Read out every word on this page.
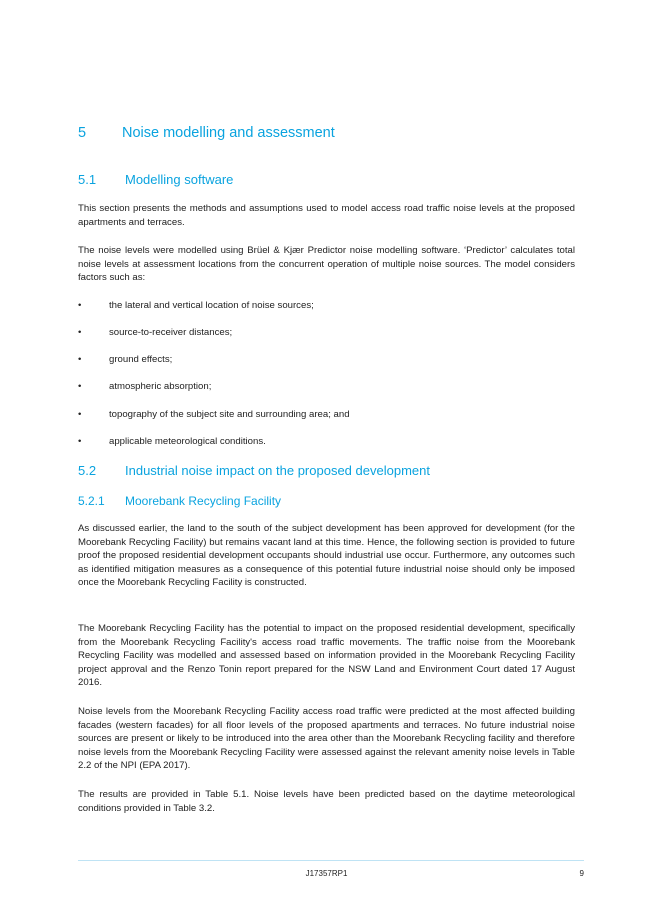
5 Noise modelling and assessment
5.1 Modelling software

This section presents the methods and assumptions used to model access road traffic noise levels at the proposed apartments and terraces.

The noise levels were modelled using Brüel & Kjær Predictor noise modelling software. ‘Predictor’ calculates total noise levels at assessment locations from the concurrent operation of multiple noise sources. The model considers factors such as:

•	the lateral and vertical location of noise sources;
•	source-to-receiver distances;
•	ground effects;
•	atmospheric absorption;
•	topography of the subject site and surrounding area; and
•	applicable meteorological conditions.
5.2 Industrial noise impact on the proposed development
5.2.1 Moorebank Recycling Facility

As discussed earlier, the land to the south of the subject development has been approved for development (for the Moorebank Recycling Facility) but remains vacant land at this time. Hence, the following section is provided to future proof the proposed residential development occupants should industrial use occur. Furthermore, any outcomes such as identified mitigation measures as a consequence of this potential future industrial noise should only be imposed once the Moorebank Recycling Facility is constructed.

The Moorebank Recycling Facility has the potential to impact on the proposed residential development, specifically from the Moorebank Recycling Facility's access road traffic movements. The traffic noise from the Moorebank Recycling Facility was modelled and assessed based on information provided in the Moorebank Recycling Facility project approval and the Renzo Tonin report prepared for the NSW Land and Environment Court dated 17 August 2016.

Noise levels from the Moorebank Recycling Facility access road traffic were predicted at the most affected building facades (western facades) for all floor levels of the proposed apartments and terraces. No future industrial noise sources are present or likely to be introduced into the area other than the Moorebank Recycling facility and therefore noise levels from the Moorebank Recycling Facility were assessed against the relevant amenity noise levels in Table 2.2 of the NPI (EPA 2017).

The results are provided in Table 5.1. Noise levels have been predicted based on the daytime meteorological conditions provided in Table 3.2.

J17357RP1	9
